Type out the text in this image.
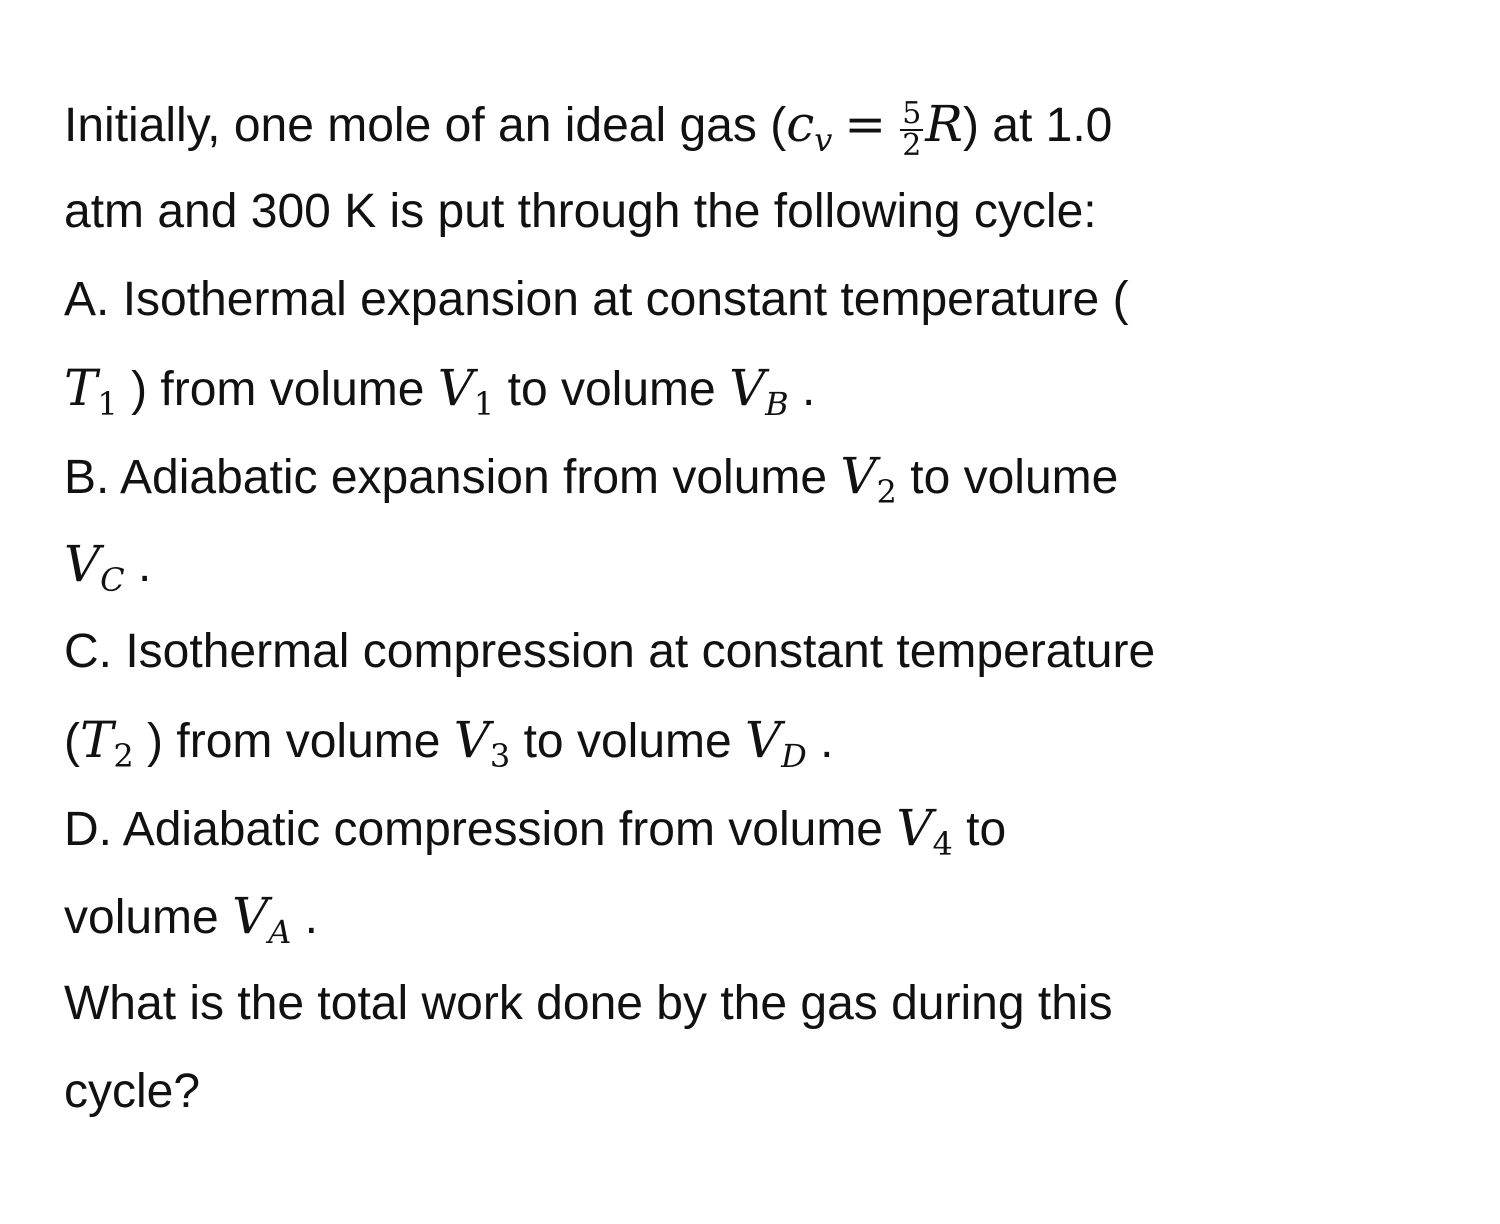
Initially, one mole of an ideal gas $(c_v = \frac{5}{2} R)$ at 1.0
atm and 300 K is put through the following cycle:
A. Isothermal expansion at constant temperature (
$T_1$ ) from volume $V_1$ to volume $V_B$ .
B. Adiabatic expansion from volume $V_2$ to volume
$V_C$ .
C. Isothermal compression at constant temperature
($T_2$ ) from volume $V_3$ to volume $V_D$ .
D. Adiabatic compression from volume $V_4$ to
volume $V_A$ .
What is the total work done by the gas during this
cycle?
